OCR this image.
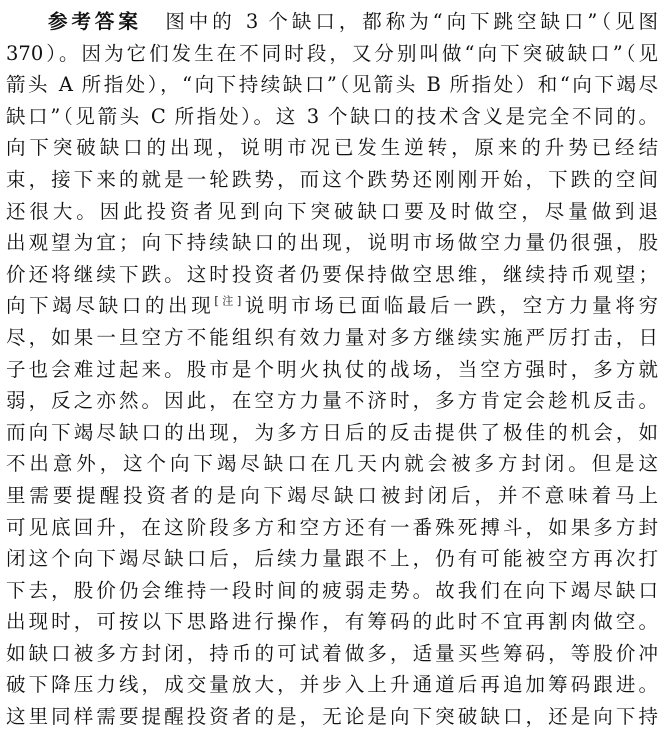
参考答案  图中的 3 个缺口，都称为“向下跳空缺口”（见图
370）。因为它们发生在不同时段，又分别叫做“向下突破缺口”（见
箭头 A 所指处），“向下持续缺口”（见箭头 B 所指处）和“向下竭尽
缺口”（见箭头 C 所指处）。这 3 个缺口的技术含义是完全不同的。
向下突破缺口的出现，说明市况已发生逆转，原来的升势已经结
束，接下来的就是一轮跌势，而这个跌势还刚刚开始，下跌的空间
还很大。因此投资者见到向下突破缺口要及时做空，尽量做到退
出观望为宜；向下持续缺口的出现，说明市场做空力量仍很强，股
价还将继续下跌。这时投资者仍要保持做空思维，继续持币观望；
向下竭尽缺口的出现[注]说明市场已面临最后一跌，空方力量将穷
尽，如果一旦空方不能组织有效力量对多方继续实施严厉打击，日
子也会难过起来。股市是个明火执仗的战场，当空方强时，多方就
弱，反之亦然。因此，在空方力量不济时，多方肯定会趁机反击。
而向下竭尽缺口的出现，为多方日后的反击提供了极佳的机会，如
不出意外，这个向下竭尽缺口在几天内就会被多方封闭。但是这
里需要提醒投资者的是向下竭尽缺口被封闭后，并不意味着马上
可见底回升，在这阶段多方和空方还有一番殊死搏斗，如果多方封
闭这个向下竭尽缺口后，后续力量跟不上，仍有可能被空方再次打
下去，股价仍会维持一段时间的疲弱走势。故我们在向下竭尽缺口
出现时，可按以下思路进行操作，有筹码的此时不宜再割肉做空。
如缺口被多方封闭，持币的可试着做多，适量买些筹码，等股价冲
破下降压力线，成交量放大，并步入上升通道后再追加筹码跟进。
这里同样需要提醒投资者的是，无论是向下突破缺口，还是向下持
